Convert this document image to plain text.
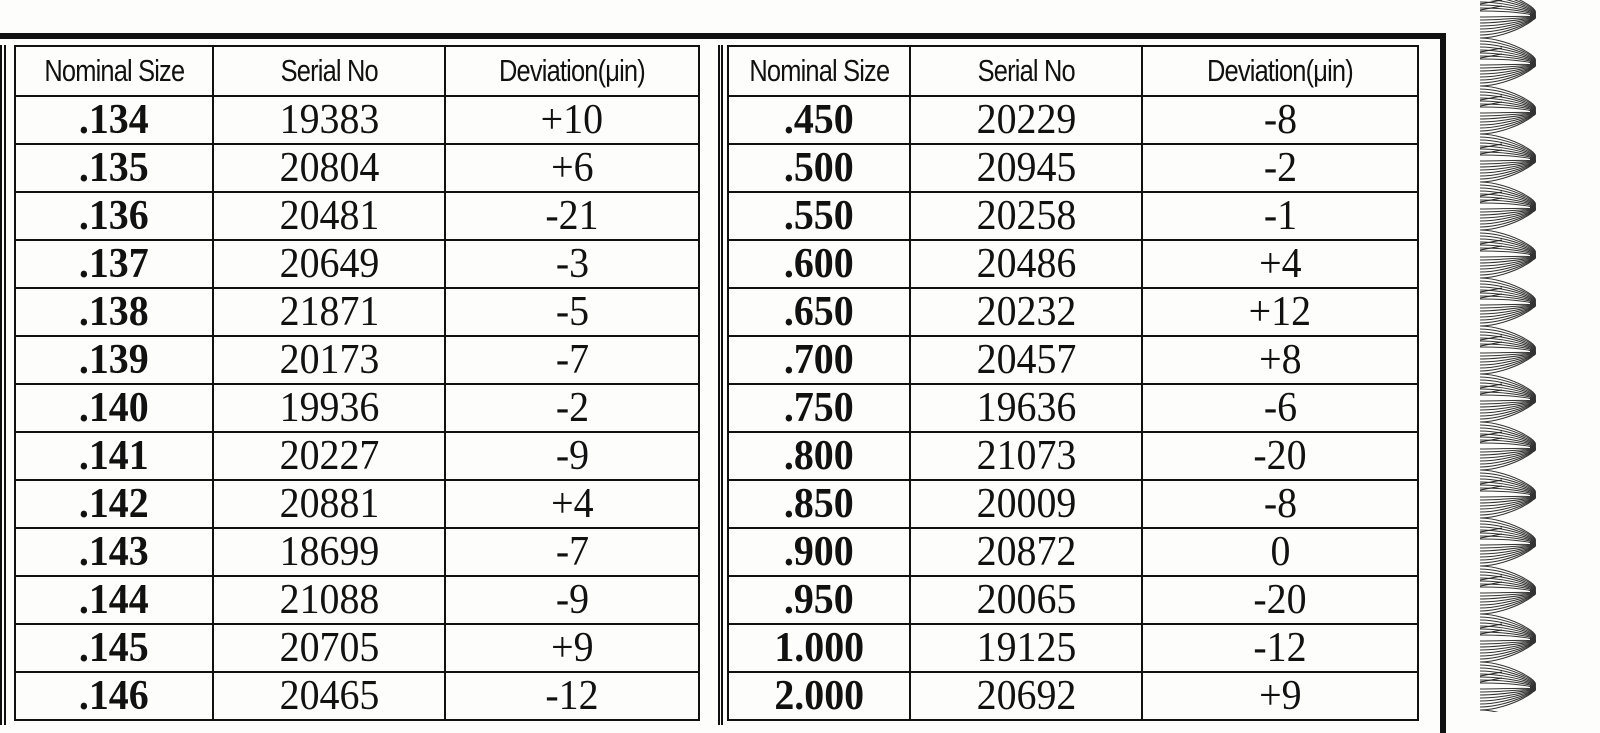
Nominal Size	Serial No	Deviation(μin)
.134	19383	+10
.135	20804	+6
.136	20481	-21
.137	20649	-3
.138	21871	-5
.139	20173	-7
.140	19936	-2
.141	20227	-9
.142	20881	+4
.143	18699	-7
.144	21088	-9
.145	20705	+9
.146	20465	-12
Nominal Size	Serial No	Deviation(μin)
.450	20229	-8
.500	20945	-2
.550	20258	-1
.600	20486	+4
.650	20232	+12
.700	20457	+8
.750	19636	-6
.800	21073	-20
.850	20009	-8
.900	20872	0
.950	20065	-20
1.000	19125	-12
2.000	20692	+9
